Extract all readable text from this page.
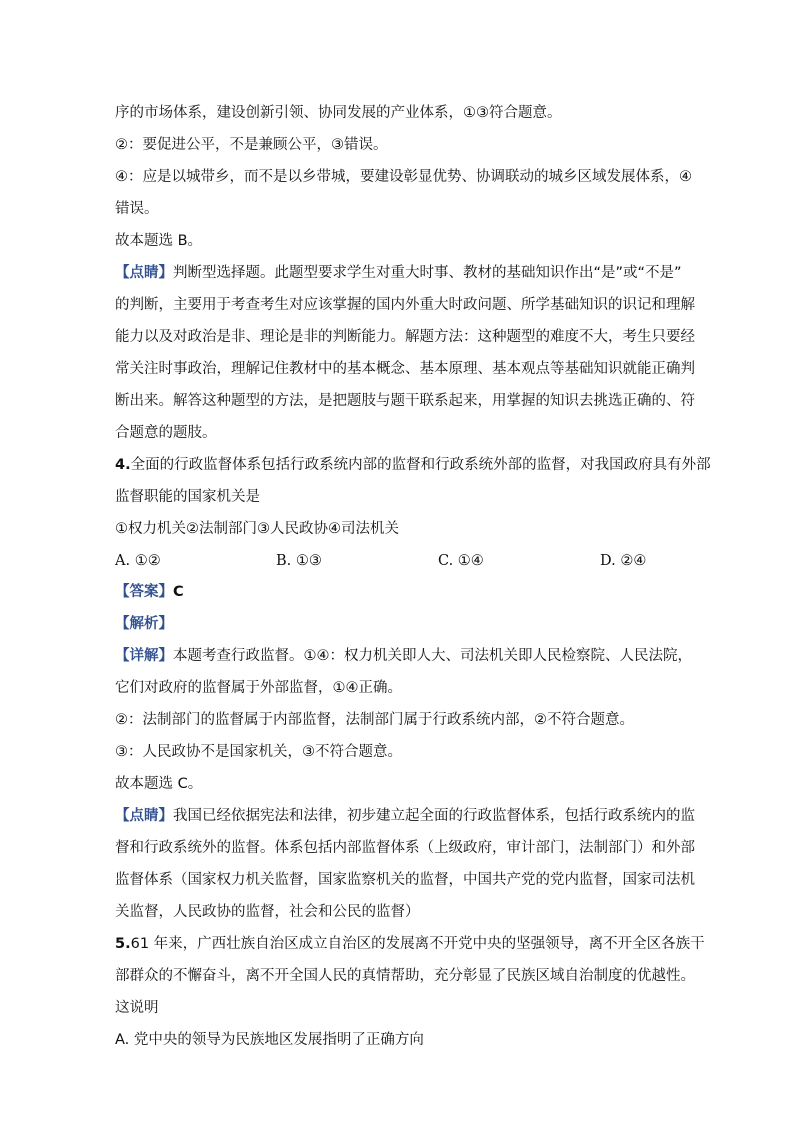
序的市场体系，建设创新引领、协同发展的产业体系，①③符合题意。
②：要促进公平，不是兼顾公平，③错误。
④：应是以城带乡，而不是以乡带城，要建设彰显优势、协调联动的城乡区域发展体系，④
错误。
故本题选 B。
【点睛】判断型选择题。此题型要求学生对重大时事、教材的基础知识作出“是”或“不是”
的判断，主要用于考查考生对应该掌握的国内外重大时政问题、所学基础知识的识记和理解
能力以及对政治是非、理论是非的判断能力。解题方法：这种题型的难度不大，考生只要经
常关注时事政治，理解记住教材中的基本概念、基本原理、基本观点等基础知识就能正确判
断出来。解答这种题型的方法，是把题肢与题干联系起来，用掌握的知识去挑选正确的、符
合题意的题肢。
4.全面的行政监督体系包括行政系统内部的监督和行政系统外部的监督，对我国政府具有外部
监督职能的国家机关是
①权力机关②法制部门③人民政协④司法机关
A. ①②	B. ①③	C. ①④	D. ②④
【答案】C
【解析】
【详解】本题考查行政监督。①④：权力机关即人大、司法机关即人民检察院、人民法院，
它们对政府的监督属于外部监督，①④正确。
②：法制部门的监督属于内部监督，法制部门属于行政系统内部，②不符合题意。
③：人民政协不是国家机关，③不符合题意。
故本题选 C。
【点睛】我国已经依据宪法和法律，初步建立起全面的行政监督体系，包括行政系统内的监
督和行政系统外的监督。体系包括内部监督体系（上级政府，审计部门，法制部门）和外部
监督体系（国家权力机关监督，国家监察机关的监督，中国共产党的党内监督，国家司法机
关监督，人民政协的监督，社会和公民的监督）
5.61 年来，广西壮族自治区成立自治区的发展离不开党中央的坚强领导，离不开全区各族干
部群众的不懈奋斗，离不开全国人民的真情帮助，充分彰显了民族区域自治制度的优越性。
这说明
A. 党中央的领导为民族地区发展指明了正确方向
